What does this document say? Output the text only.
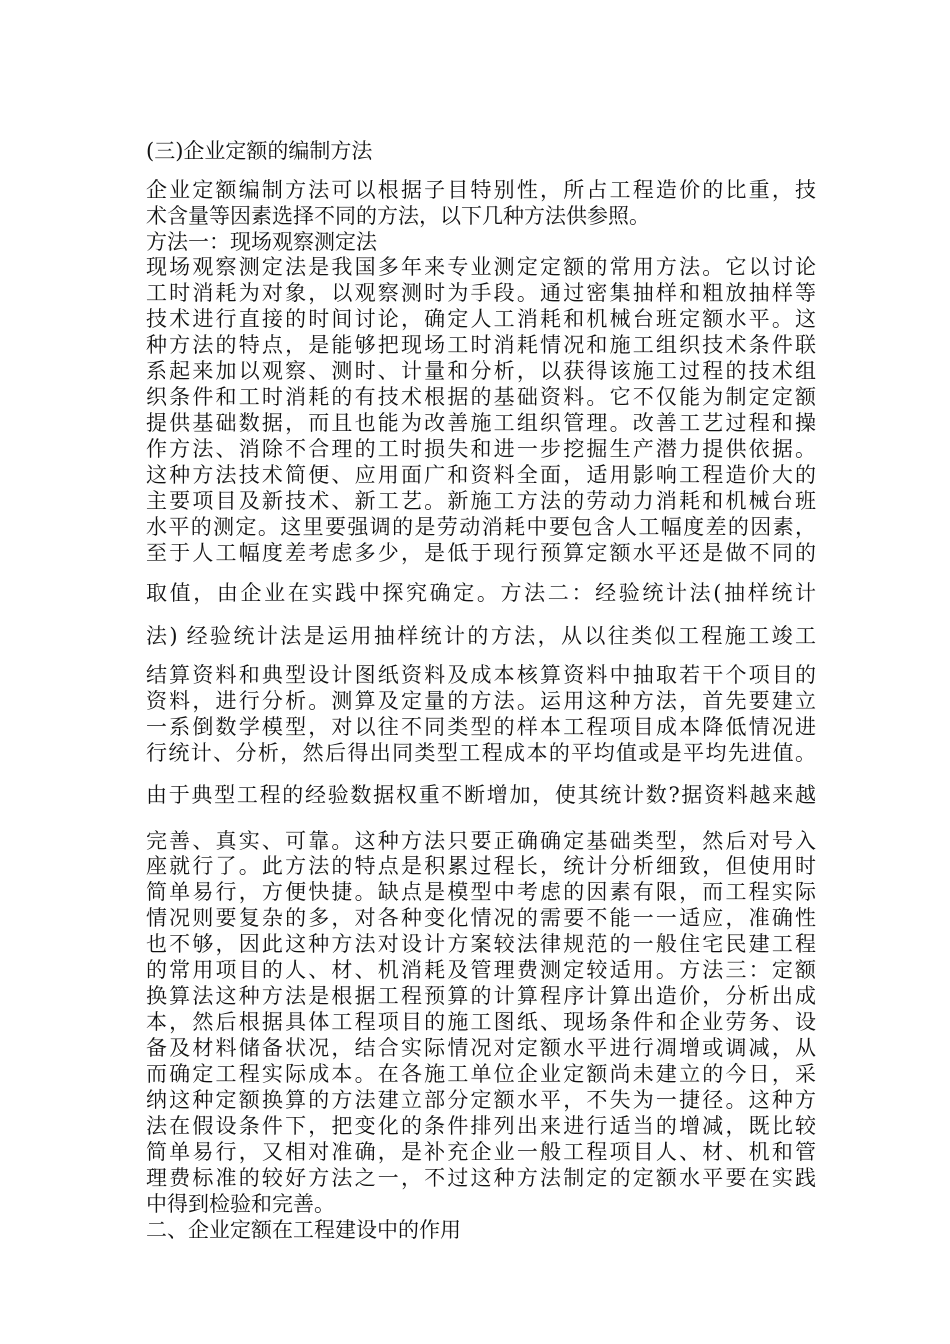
(三)企业定额的编制方法
企业定额编制方法可以根据子目特别性，所占工程造价的比重，技
术含量等因素选择不同的方法，以下几种方法供参照。
方法一：现场观察测定法
现场观察测定法是我国多年来专业测定定额的常用方法。它以讨论
工时消耗为对象，以观察测时为手段。通过密集抽样和粗放抽样等
技术进行直接的时间讨论，确定人工消耗和机械台班定额水平。这
种方法的特点，是能够把现场工时消耗情况和施工组织技术条件联
系起来加以观察、测时、计量和分析，以获得该施工过程的技术组
织条件和工时消耗的有技术根据的基础资料。它不仅能为制定定额
提供基础数据，而且也能为改善施工组织管理。改善工艺过程和操
作方法、消除不合理的工时损失和进一步挖掘生产潜力提供依据。
这种方法技术简便、应用面广和资料全面，适用影响工程造价大的
主要项目及新技术、新工艺。新施工方法的劳动力消耗和机械台班
水平的测定。这里要强调的是劳动消耗中要包含人工幅度差的因素，
至于人工幅度差考虑多少，是低于现行预算定额水平还是做不同的
取值，由企业在实践中探究确定。方法二：经验统计法(抽样统计
法) 经验统计法是运用抽样统计的方法，从以往类似工程施工竣工
结算资料和典型设计图纸资料及成本核算资料中抽取若干个项目的
资料，进行分析。测算及定量的方法。运用这种方法，首先要建立
一系倒数学模型，对以往不同类型的样本工程项目成本降低情况进
行统计、分析，然后得出同类型工程成本的平均值或是平均先进值。
由于典型工程的经验数据权重不断增加，使其统计数?据资料越来越
完善、真实、可靠。这种方法只要正确确定基础类型，然后对号入
座就行了。此方法的特点是积累过程长，统计分析细致，但使用时
简单易行，方便快捷。缺点是模型中考虑的因素有限，而工程实际
情况则要复杂的多，对各种变化情况的需要不能一一适应，准确性
也不够，因此这种方法对设计方案较法律规范的一般住宅民建工程
的常用项目的人、材、机消耗及管理费测定较适用。方法三：定额
换算法这种方法是根据工程预算的计算程序计算出造价，分析出成
本，然后根据具体工程项目的施工图纸、现场条件和企业劳务、设
备及材料储备状况，结合实际情况对定额水平进行凋增或调减，从
而确定工程实际成本。在各施工单位企业定额尚未建立的今日，采
纳这种定额换算的方法建立部分定额水平，不失为一捷径。这种方
法在假设条件下，把变化的条件排列出来进行适当的增减，既比较
简单易行，又相对准确，是补充企业一般工程项目人、材、机和管
理费标准的较好方法之一，不过这种方法制定的定额水平要在实践
中得到检验和完善。
二、企业定额在工程建设中的作用
